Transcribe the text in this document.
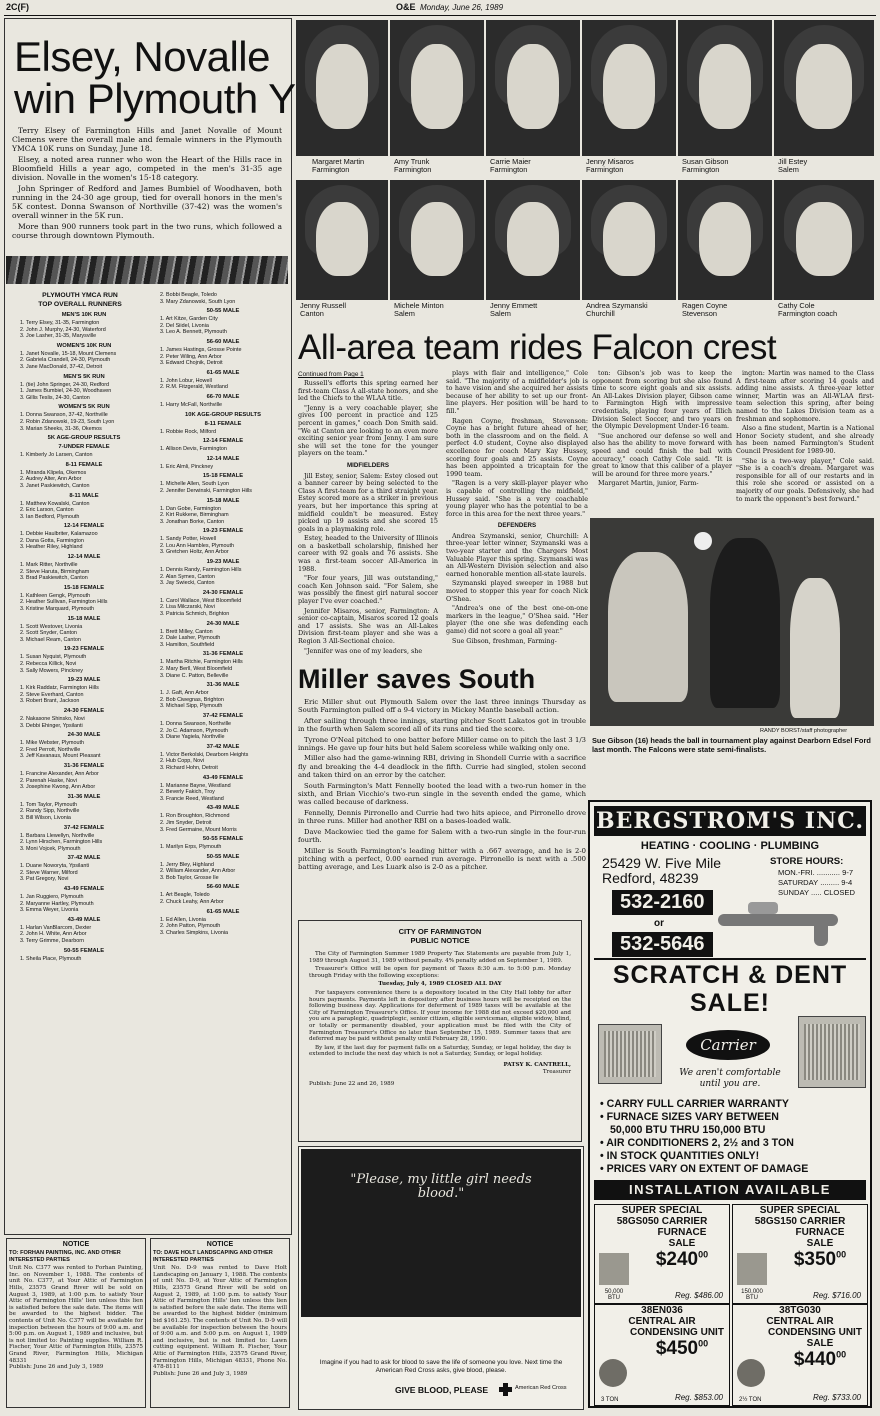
2C(F)	O&E Monday, June 26, 1989
Elsey, Novalle
win Plymouth Y

Terry Elsey of Farmington Hills and Janet Novalle of Mount Clemens were the overall male and female winners in the Plymouth YMCA 10K runs on Sunday, June 18.

Elsey, a noted area runner who won the Heart of the Hills race in Bloomfield Hills a year ago, competed in the men's 31-35 age division. Novalle in the women's 15-18 category.

John Springer of Redford and James Bumbiel of Woodhaven, both running in the 24-30 age group, tied for overall honors in the men's 5K contest. Donna Swanson of Northville (37-42) was the women's overall winner in the 5K run.

More than 900 runners took part in the two runs, which followed a course through downtown Plymouth.

PLYMOUTH YMCA RUN
TOP OVERALL RUNNERS
MEN'S 10K RUN
1. Terry Elsey, 31-35, Farmington
2. John J. Murphy, 24-30, Waterford
3. Joe Lasher, 31-35, Marysville
WOMEN'S 10K RUN
1. Janet Novalle, 15-18, Mount Clemens
2. Gabriela Crandell, 24-30, Plymouth
3. Jane MacDonald, 37-42, Detroit
MEN'S 5K RUN
1. (tie) John Springer, 24-30, Redford
1. James Bumbiel, 24-30, Woodhaven
3. Gillis Teslis, 24-30, Canton
WOMEN'S 5K RUN
1. Donna Swanson, 37-42, Northville
2. Robin Zdanowski, 19-23, South Lyon
3. Marian Sheeks, 31-36, Okemos
5K AGE-GROUP RESULTS
7-UNDER FEMALE
1. Kimberly Jo Larsen, Canton
8-11 FEMALE
1. Miranda Klipela, Okemos
2. Audrey Alter, Ann Arbor
3. Janet Paskiewitch, Canton
8-11 MALE
1. Matthew Kowalski, Canton
2. Eric Larson, Canton
3. Ian Bedford, Plymouth
12-14 FEMALE
1. Debbie Haulbriter, Kalamazoo
2. Dana Gotta, Farmington
3. Heather Riley, Highland
12-14 MALE
1. Mark Ritter, Northville
2. Steve Haruta, Birmingham
3. Brad Paskiewitch, Canton
15-18 FEMALE
1. Kathleen Gengk, Plymouth
2. Heather Sullivan, Farmington Hills
3. Kristine Marquard, Plymouth
15-18 MALE
1. Scott Westover, Livonia
2. Scott Snyder, Canton
3. Michael Ream, Canton
19-23 FEMALE
1. Susan Nyquist, Plymouth
2. Rebecca Killick, Novi
3. Sally Mowers, Pinckney
19-23 MALE
1. Kirk Raddatz, Farmington Hills
2. Steve Everhard, Canton
3. Robert Brant, Jackson
24-30 FEMALE
2. Nakasone Shinsko, Novi
3. Debbi Ehinger, Ypsilanti
24-30 MALE
1. Mike Webster, Plymouth
2. Fred Perrott, Northville
3. Jeff Kavanaus, Mount Pleasant
31-36 FEMALE
1. Francine Alexander, Ann Arbor
2. Parenah Haske, Novi
3. Josephine Kwong, Ann Arbor
31-36 MALE
1. Tom Taylor, Plymouth
2. Randy Sipp, Northville
3. Bill Wilson, Livonia
37-42 FEMALE
1. Barbara Llewellyn, Northville
2. Lynn Hirschen, Farmington Hills
3. Moni Vojcek, Plymouth
37-42 MALE
1. Duane Noworyta, Ypsilanti
2. Steve Warner, Milford
3. Pat Gregory, Novi
43-49 FEMALE
1. Jan Ruggiero, Plymouth
2. Maryanne Hartley, Plymouth
3. Emma Weyer, Livonia
43-49 MALE
1. Harlan VanBlarcom, Dexter
2. John H. White, Ann Arbor
3. Terry Grimme, Dearborn
50-55 FEMALE
1. Sheila Place, Plymouth
2. Bobbi Beagle, Toledo
3. Mary Zdanowski, South Lyon
50-55 MALE
1. Art Kitze, Garden City
2. Del Siidel, Livonia
3. Leo A. Bennett, Plymouth
56-60 MALE
1. James Hastings, Grosse Pointe
2. Peter Wiling, Ann Arbor
3. Edward Chojnik, Detroit
61-65 MALE
1. John Lobur, Howell
2. R.M. Fitzgerald, Westland
66-70 MALE
1. Harry McFall, Northville
10K AGE-GROUP RESULTS
8-11 FEMALE
1. Robbie Rock, Milford
12-14 FEMALE
1. Allison Devis, Farmington
12-14 MALE
1. Eric Almli, Pinckney
15-18 FEMALE
1. Michelle Allen, South Lyon
2. Jennifer Derwinski, Farmington Hills
15-18 MALE
1. Dan Gobe, Farmington
2. Kirt Rukkene, Birmingham
3. Jonathan Borke, Canton
19-23 FEMALE
1. Sandy Potter, Howell
2. Lou Ann Hambles, Plymouth
3. Gretchen Holtz, Ann Arbor
19-23 MALE
1. Dennis Randy, Farmington Hills
2. Alan Symes, Canton
3. Jay Swiecki, Canton
24-30 FEMALE
1. Carol Wallace, West Bloomfield
2. Lisa Milczarski, Novi
3. Patricia Schmich, Brighton
24-30 MALE
1. Brett Milley, Canton
2. Dale Lasher, Plymouth
3. Hamilton, Southfield
31-36 FEMALE
1. Martha Ritchie, Farmington Hills
2. Mary Berll, West Bloomfield
3. Diane C. Patton, Belleville
31-36 MALE
1. J. Gaft, Ann Arbor
2. Bob Ciwegnas, Brighton
3. Michael Sipp, Plymouth
37-42 FEMALE
1. Donna Swanson, Northville
2. Jo C. Adamson, Plymouth
3. Diane Yagiela, Northville
37-42 MALE
1. Victor Berkolski, Dearborn Heights
2. Hub Copp, Novi
3. Richard Hohn, Detroit
43-49 FEMALE
1. Marianne Bayne, Westland
2. Beverly Fakich, Troy
3. Francie Reed, Westland
43-49 MALE
1. Ron Broughton, Richmond
2. Jim Snyder, Detroit
3. Fred Germaine, Mount Morris
50-55 FEMALE
1. Marilyn Erps, Plymouth
50-55 MALE
1. Jerry Bley, Highland
2. William Alexander, Ann Arbor
3. Bob Taylor, Grosse Ile
56-60 MALE
1. Art Beagle, Toledo
2. Chuck Leahy, Ann Arbor
61-65 MALE
1. Ed Allen, Livonia
2. John Patton, Plymouth
3. Charles Simpkins, Livonia
NOTICE
TO: FORHAN PAINTING, INC. AND OTHER INTERESTED PARTIES
Unit No. C377 was rented to Forhan Painting, Inc. on November 1, 1988. The contents of unit No. C377, at Your Attic of Farmington Hills, 23575 Grand River will be sold on August 3, 1989, at 1:00 p.m. to satisfy Your Attic of Farmington Hills' lien unless this lien is satisfied before the sale date. The items will be awarded to the highest bidder. The contents of Unit No. C377 will be available for inspection between the hours of 9:00 a.m. and 5:00 p.m. on August 1, 1989 and inclusive, but is not limited to: Painting supplies. William R. Fischer, Your Attic of Farmington Hills, 23575 Grand River, Farmington Hills, Michigan 48331
Publish: June 26 and July 3, 1989
NOTICE
TO: DAVE HOLT LANDSCAPING AND OTHER INTERESTED PARTIES
Unit No. D-9 was rented to Dave Holt Landscaping on January 1, 1988. The contents of unit No. D-9, at Your Attic of Farmington Hills, 23575 Grand River will be sold on August 2, 1989, at 1:00 p.m. to satisfy Your Attic of Farmington Hills' lien unless this lien is satisfied before the sale date. The items will be awarded to the highest bidder (minimum bid $161.25). The contents of Unit No. D-9 will be available for inspection between the hours of 9:00 a.m. and 5:00 p.m. on August 1, 1989 and inclusive, but is not limited to: Lawn cutting equipment. William R. Fischer, Your Attic of Farmington Hills, 23575 Grand River, Farmington Hills, Michigan 48331, Phone No. 478-8111
Publish: June 26 and July 3, 1989
Margaret Martin
Farmington
Amy Trunk
Farmington
Carrie Maier
Farmington
Jenny Misaros
Farmington
Susan Gibson
Farmington
Jill Estey
Salem
Jenny Russell
Canton
Michele Minton
Salem
Jenny Emmett
Salem
Andrea Szymanski
Churchill
Ragen Coyne
Stevenson
Cathy Cole
Farmington coach
All-area team rides Falcon crest
Continued from Page 1

Russell's efforts this spring earned her first-team Class A all-state honors, and she led the Chiefs to the WLAA title.

"Jenny is a very coachable player, she gives 100 percent in practice and 125 percent in games," coach Don Smith said. "We at Canton are looking to an even more exciting senior year from Jenny. I am sure she will set the tone for the younger players on the team."

MIDFIELDERS

Jill Estey, senior, Salem: Estey closed out a banner career by being selected to the Class A first-team for a third straight year. Estey scored more as a striker in previous years, but her importance this spring at midfield couldn't be measured. Estey picked up 19 assists and she scored 15 goals in a playmaking role.

Estey, headed to the University of Illinois on a basketball scholarship, finished her career with 92 goals and 76 assists. She was a first-team soccer All-America in 1988.

"For four years, Jill was outstanding," coach Ken Johnson said. "For Salem, she was possibly the finest girl natural soccer player I've ever coached."

Jennifer Misaros, senior, Farmington: A senior co-captain, Misaros scored 12 goals and 17 assists. She was an All-Lakes Division first-team player and she was a Region 3 All-Sectional choice.

"Jennifer was one of my leaders, she

plays with flair and intelligence," Cole said. "The majority of a midfielder's job is to have vision and she acquired her assists because of her ability to set up our front-line players. Her position will be hard to fill."

Ragen Coyne, freshman, Stevenson: Coyne has a bright future ahead of her, both in the classroom and on the field. A perfect 4.0 student, Coyne also displayed excellence for coach Mary Kay Hussey, scoring four goals and 25 assists. Coyne has been appointed a tricaptain for the 1990 team.

"Ragen is a very skill-player player who is capable of controlling the midfield," Hussey said. "She is a very coachable young player who has the potential to be a force in this area for the next three years."

DEFENDERS

Andrea Szymanski, senior, Churchill: A three-year letter winner, Szymanski was a two-year starter and the Chargers Most Valuable Player this spring. Szymanski was an All-Western Division selection and also earned honorable mention all-state laurels.

Szymanski played sweeper in 1988 but moved to stopper this year for coach Nick O'Shea.

"Andrea's one of the best one-on-one markers in the league," O'Shea said. "Her player (the one she was defending each game) did not score a goal all year."

Sue Gibson, freshman, Farming-

ton: Gibson's job was to keep the opponent from scoring but she also found time to score eight goals and six assists. An All-Lakes Division player, Gibson came to Farmington High with impressive credentials, playing four years of Illich Division Select Soccer, and two years on the Olympic Development Under-16 team.

"Sue anchored our defense so well and also has the ability to move forward with speed and could finish the ball with accuracy," coach Cathy Cole said. "It is great to know that this caliber of a player will be around for three more years."

Margaret Martin, junior, Farm-

ington: Martin was named to the Class A first-team after scoring 14 goals and adding nine assists. A three-year letter winner, Martin was an All-WLAA first-team selection this spring, after being named to the Lakes Division team as a freshman and sophomore.

Also a fine student, Martin is a National Honor Society student, and she already has been named Farmington's Student Council President for 1989-90.

"She is a two-way player," Cole said. "She is a coach's dream. Margaret was responsible for all of our restarts and in this role she scored or assisted on a majority of our goals. Defensively, she had to mark the opponent's best forward."

RANDY BORST/staff photographer
Sue Gibson (16) heads the ball in tournament play against Dearborn Edsel Ford last month. The Falcons were state semi-finalists.
Miller saves South

Eric Miller shut out Plymouth Salem over the last three innings Thursday as South Farmington pulled off a 9-4 victory in Mickey Mantle baseball action.

After sailing through three innings, starting pitcher Scott Lakatos got in trouble in the fourth when Salem scored all of its runs and tied the score.

Tyrone O'Neal pitched to one batter before Miller came on to pitch the last 3 1/3 innings. He gave up four hits but held Salem scoreless while walking only one.

Miller also had the game-winning RBI, driving in Shondell Currie with a sacrifice fly and breaking the 4-4 deadlock in the fifth. Currie had singled, stolen second and taken third on an error by the catcher.

South Farmington's Matt Fennelly booted the lead with a two-run homer in the sixth, and Brian Vicchio's two-run single in the seventh ended the game, which was called because of darkness.

Fennelly, Dennis Pirronello and Currie had two hits apiece, and Pirronello drove in three runs. Miller had another RBI on a bases-loaded walk.

Dave Mackowiec tied the game for Salem with a two-run single in the four-run fourth.

Miller is South Farmington's leading hitter with a .667 average, and he is 2-0 pitching with a perfect, 0.00 earned run average. Pirronello is next with a .500 batting average, and Les Luark also is 2-0 as a pitcher.

CITY OF FARMINGTON
PUBLIC NOTICE

The City of Farmington Summer 1989 Property Tax Statements are payable from July 1, 1989 through August 31, 1989 without penalty. 4% penalty added on September 1, 1989.

Treasurer's Office will be open for payment of Taxes 8:30 a.m. to 5:00 p.m. Monday through Friday with the following exceptions:

Tuesday, July 4, 1989 CLOSED ALL DAY

For taxpayers convenience there is a depository located in the City Hall lobby for after hours payments. Payments left in depository after business hours will be receipted on the following business day. Applications for deferment of 1989 taxes will be available at the City of Farmington Treasurer's Office. If your income for 1988 did not exceed $20,000 and you are a paraplegic, quadriplegic, senior citizen, eligible serviceman, eligible widow, blind, or totally or permanently disabled, your application must be filed with the City of Farmington Treasurer's Office no later than September 15, 1989. Summer taxes that are deferred may be paid without penalty until February 28, 1990.

By law, if the last day for payment falls on a Saturday, Sunday, or legal holiday, the day is extended to include the next day which is not a Saturday, Sunday, or legal holiday.

PATSY K. CANTRELL,
Treasurer
Publish: June 22 and 26, 1989
"Please, my little girl needs blood."
Imagine if you had to ask for blood to save the life of someone you love. Next time the American Red Cross asks, give blood, please.
GIVE BLOOD, PLEASE	American Red Cross
BERGSTROM'S INC.
HEATING · COOLING · PLUMBING
25429 W. Five Mile
Redford, 48239
532-2160
or
532-5646
STORE HOURS:
MON.-FRI. ........... 9-7
SATURDAY ......... 9-4
SUNDAY ..... CLOSED
SCRATCH & DENT
SALE!
Carrier
We aren't comfortable
until you are.
• CARRY FULL CARRIER WARRANTY
• FURNACE SIZES VARY BETWEEN
50,000 BTU THRU 150,000 BTU
• AIR CONDITIONERS 2, 2½ and 3 TON
• IN STOCK QUANTITIES ONLY!
• PRICES VARY ON EXTENT OF DAMAGE
INSTALLATION AVAILABLE
SUPER SPECIAL
58GS050 CARRIER
FURNACE
SALE
$\$240^{00}$
50,000 BTU	Reg. $486.00
SUPER SPECIAL
58GS150 CARRIER
FURNACE
SALE
$\$350^{00}$
150,000 BTU	Reg. $716.00
38EN036
CENTRAL AIR
CONDENSING UNIT
$\$450^{00}$
3 TON	Reg. $853.00
38TG030
CENTRAL AIR
CONDENSING UNIT
SALE
$\$440^{00}$
2½ TON	Reg. $733.00
